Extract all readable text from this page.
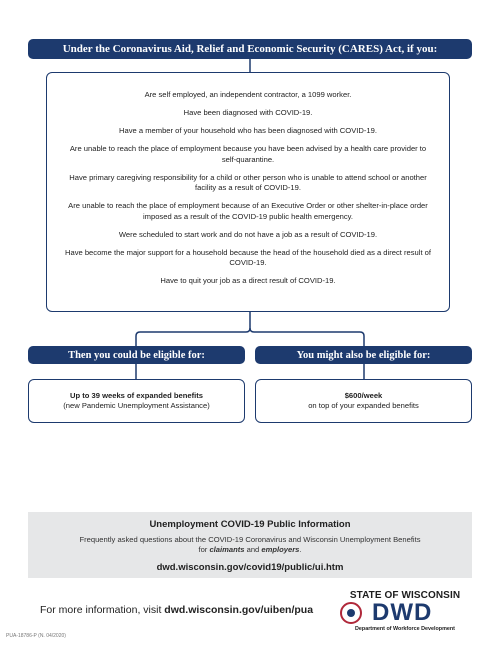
Under the Coronavirus Aid, Relief and Economic Security (CARES) Act, if you:

Are self employed, an independent contractor, a 1099 worker.

Have been diagnosed with COVID-19.

Have a member of your household who has been diagnosed with COVID-19.

Are unable to reach the place of employment because you have been advised by a health care provider to self-quarantine.

Have primary caregiving responsibility for a child or other person who is unable to attend school or another facility as a result of COVID-19.

Are unable to reach the place of employment because of an Executive Order or other shelter-in-place order imposed as a result of the COVID-19 public health emergency.

Were scheduled to start work and do not have a job as a result of COVID-19.

Have become the major support for a household because the head of the household died as a direct result of COVID-19.

Have to quit your job as a direct result of COVID-19.

Then you could be eligible for:	You might also be eligible for:
Up to 39 weeks of expanded benefits
(new Pandemic Unemployment Assistance)
$600/week
on top of your expanded benefits
Unemployment COVID-19 Public Information
Frequently asked questions about the COVID-19 Coronavirus and Wisconsin Unemployment Benefits
for claimants and employers.
dwd.wisconsin.gov/covid19/public/ui.htm
For more information, visit dwd.wisconsin.gov/uiben/pua
STATE OF WISCONSIN
DWD
Department of Workforce Development
PUA-18786-P (N. 04/2020)
